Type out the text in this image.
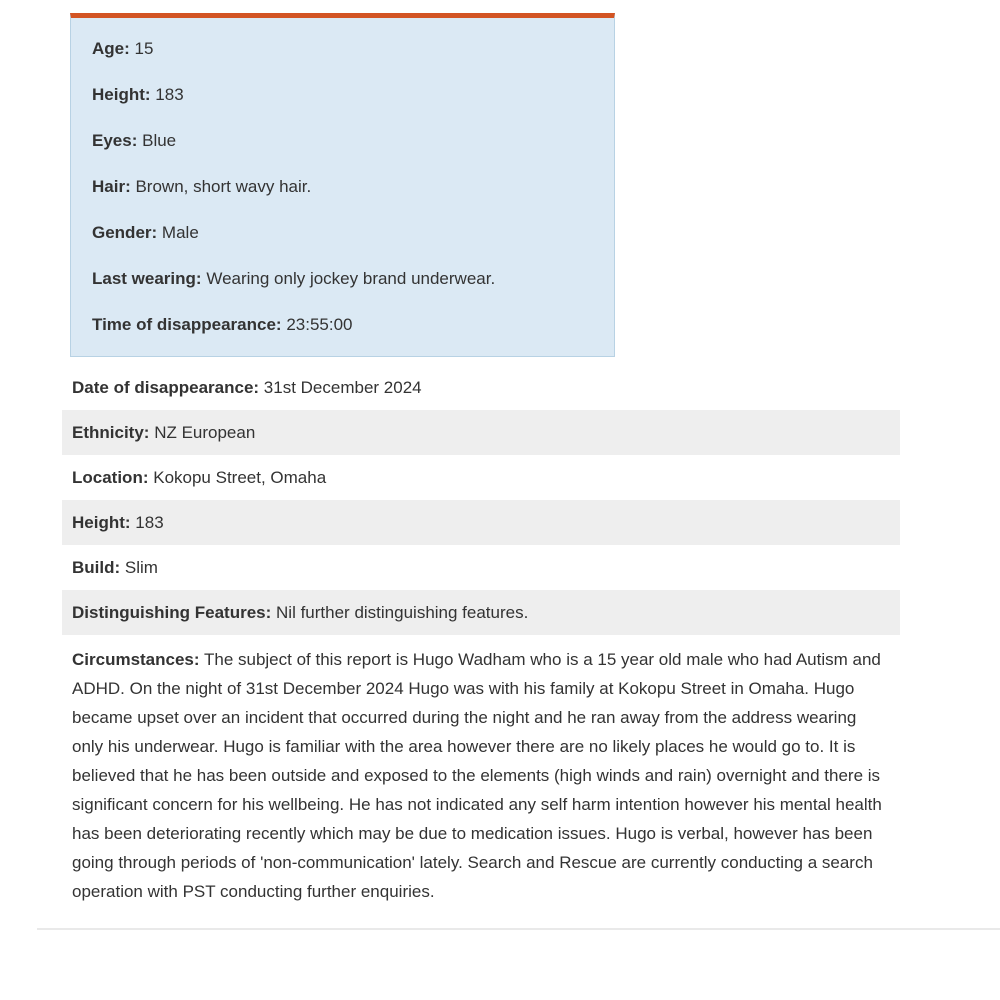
Age: 15

Height: 183

Eyes: Blue

Hair: Brown, short wavy hair.

Gender: Male

Last wearing: Wearing only jockey brand underwear.

Time of disappearance: 23:55:00

Date of disappearance: 31st December 2024
Ethnicity: NZ European
Location: Kokopu Street, Omaha
Height: 183
Build: Slim
Distinguishing Features: Nil further distinguishing features.
Circumstances: The subject of this report is Hugo Wadham who is a 15 year old male who had Autism and ADHD. On the night of 31st December 2024 Hugo was with his family at Kokopu Street in Omaha. Hugo became upset over an incident that occurred during the night and he ran away from the address wearing only his underwear. Hugo is familiar with the area however there are no likely places he would go to. It is believed that he has been outside and exposed to the elements (high winds and rain) overnight and there is significant concern for his wellbeing. He has not indicated any self harm intention however his mental health has been deteriorating recently which may be due to medication issues. Hugo is verbal, however has been going through periods of 'non-communication' lately. Search and Rescue are currently conducting a search operation with PST conducting further enquiries.
